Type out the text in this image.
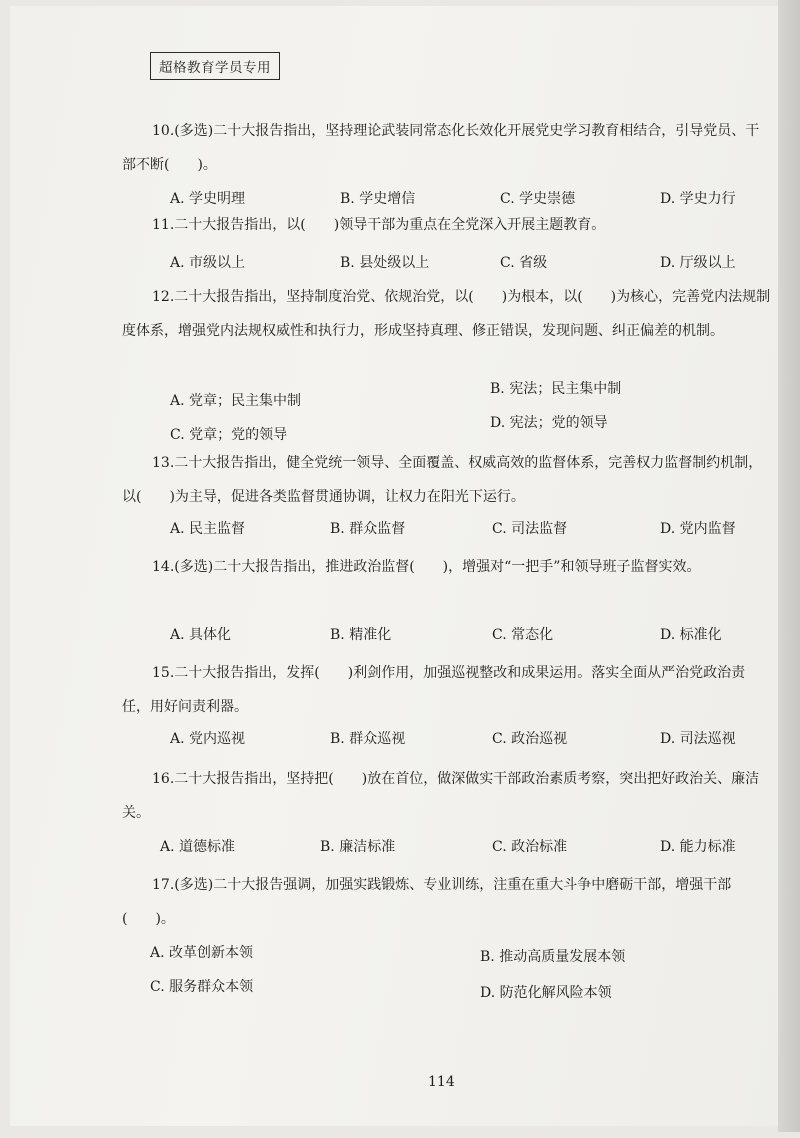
超格教育学员专用
10.(多选)二十大报告指出，坚持理论武装同常态化长效化开展党史学习教育相结合，引导党员、干部不断(　　)。
A. 学史明理	B. 学史增信	C. 学史崇德	D. 学史力行
11.二十大报告指出，以(　　)领导干部为重点在全党深入开展主题教育。
A. 市级以上	B. 县处级以上	C. 省级	D. 厅级以上
12.二十大报告指出，坚持制度治党、依规治党，以(　　)为根本，以(　　)为核心，完善党内法规制度体系，增强党内法规权威性和执行力，形成坚持真理、修正错误，发现问题、纠正偏差的机制。
A. 党章；民主集中制
B. 宪法；民主集中制
C. 党章；党的领导
D. 宪法；党的领导
13.二十大报告指出，健全党统一领导、全面覆盖、权威高效的监督体系，完善权力监督制约机制，以(　　)为主导，促进各类监督贯通协调，让权力在阳光下运行。
A. 民主监督	B. 群众监督	C. 司法监督	D. 党内监督
14.(多选)二十大报告指出，推进政治监督(　　)，增强对“一把手”和领导班子监督实效。
A. 具体化	B. 精准化	C. 常态化	D. 标准化
15.二十大报告指出，发挥(　　)利剑作用，加强巡视整改和成果运用。落实全面从严治党政治责任，用好问责利器。
A. 党内巡视	B. 群众巡视	C. 政治巡视	D. 司法巡视
16.二十大报告指出，坚持把(　　)放在首位，做深做实干部政治素质考察，突出把好政治关、廉洁关。
A. 道德标准	B. 廉洁标准	C. 政治标准	D. 能力标准
17.(多选)二十大报告强调，加强实践锻炼、专业训练，注重在重大斗争中磨砺干部，增强干部(　　)。
A. 改革创新本领	B. 推动高质量发展本领
C. 服务群众本领	D. 防范化解风险本领
114
